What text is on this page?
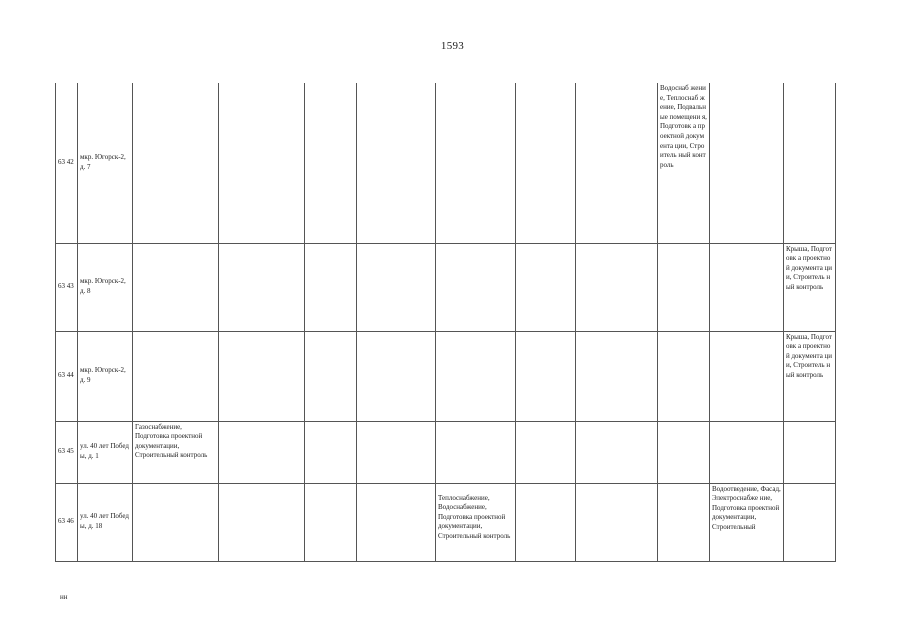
1593
63 42	мкр. Югорск-2, д. 7								Водоснаб жение, Теплоснаб жение, Подвальн ые помещени я, Подготовк а проектной документа ции, Строитель ный контроль		

63 43	мкр. Югорск-2, д. 8										Крыша, Подготовк а проектной документа ции, Строитель ный контроль

63 44	мкр. Югорск-2, д. 9										Крыша, Подготовк а проектной документа ции, Строитель ный контроль

63 45	ул. 40 лет Победы, д. 1	Газоснабжение, Подготовка проектной документации, Строительный контроль									

63 46	ул. 40 лет Победы, д. 18					Теплоснабжение, Водоснабжение, Подготовка проектной документации, Строительный контроль				Водоотведение, Фасад, Электроснабже ние, Подготовка проектной документации, Строительный	

нн
